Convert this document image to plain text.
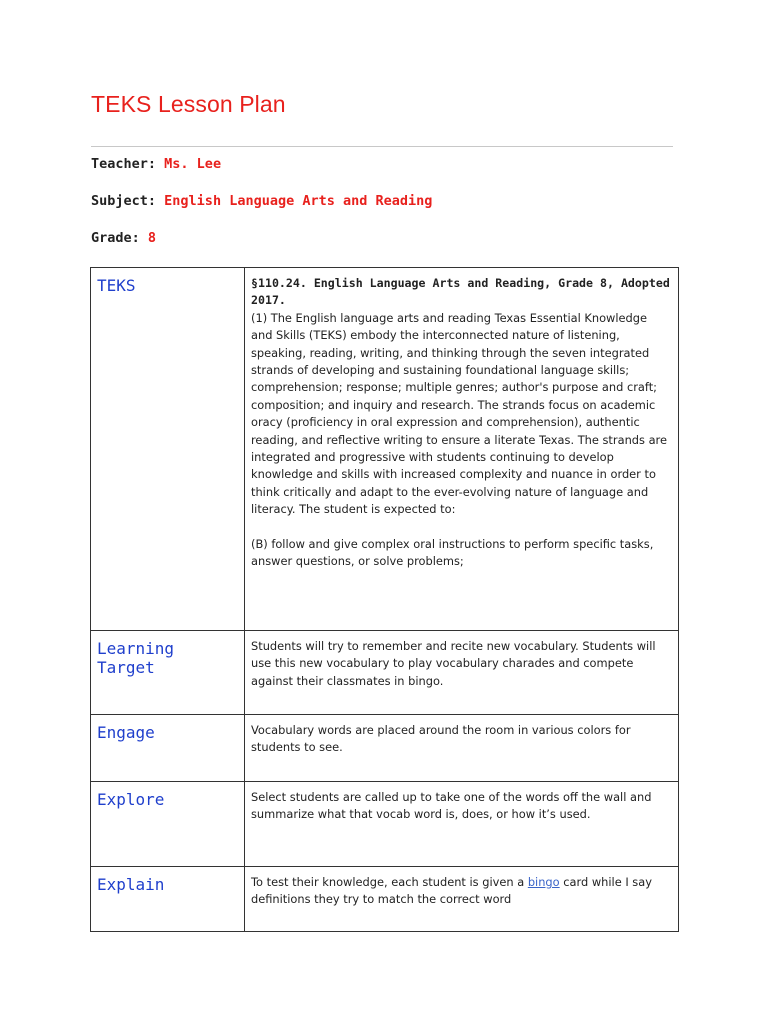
TEKS Lesson Plan
Teacher: Ms. Lee
Subject: English Language Arts and Reading
Grade: 8
TEKS	§110.24. English Language Arts and Reading, Grade 8, Adopted 2017.
(1) The English language arts and reading Texas Essential Knowledge and Skills (TEKS) embody the interconnected nature of listening, speaking, reading, writing, and thinking through the seven integrated strands of developing and sustaining foundational language skills; comprehension; response; multiple genres; author's purpose and craft; composition; and inquiry and research. The strands focus on academic oracy (proficiency in oral expression and comprehension), authentic reading, and reflective writing to ensure a literate Texas. The strands are integrated and progressive with students continuing to develop knowledge and skills with increased complexity and nuance in order to think critically and adapt to the ever-evolving nature of language and literacy. The student is expected to:
(B) follow and give complex oral instructions to perform specific tasks, answer questions, or solve problems;

Learning Target	Students will try to remember and recite new vocabulary. Students will use this new vocabulary to play vocabulary charades and compete against their classmates in bingo.

Engage	Vocabulary words are placed around the room in various colors for students to see.

Explore	Select students are called up to take one of the words off the wall and summarize what that vocab word is, does, or how it’s used.

Explain	To test their knowledge, each student is given a bingo card while I say definitions they try to match the correct word
